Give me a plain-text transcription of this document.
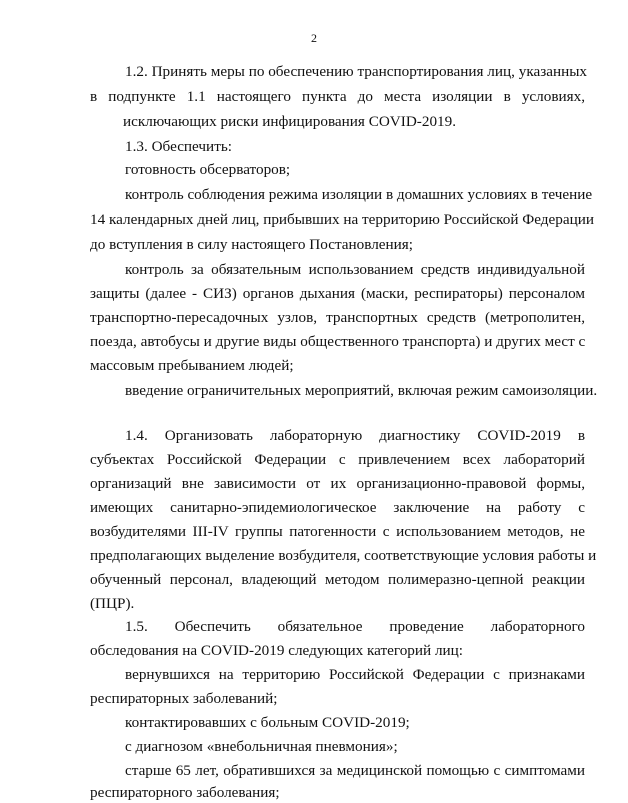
2
1.2. Принять меры по обеспечению транспортирования лиц, указанных
в подпункте 1.1 настоящего пункта до места изоляции в условиях,
исключающих риски инфицирования COVID-2019.
1.3. Обеспечить:
готовность обсерваторов;
контроль соблюдения режима изоляции в домашних условиях в течение
14 календарных дней лиц, прибывших на территорию Российской Федерации
до вступления в силу настоящего Постановления;
контроль за обязательным использованием средств индивидуальной
защиты (далее - СИЗ) органов дыхания (маски, респираторы) персоналом
транспортно-пересадочных узлов, транспортных средств (метрополитен,
поезда, автобусы и другие виды общественного транспорта) и других мест с
массовым пребыванием людей;
введение ограничительных мероприятий, включая режим самоизоляции.
1.4. Организовать лабораторную диагностику COVID-2019 в
субъектах Российской Федерации с привлечением всех лабораторий
организаций вне зависимости от их организационно-правовой формы,
имеющих санитарно-эпидемиологическое заключение на работу с
возбудителями III-IV группы патогенности с использованием методов, не
предполагающих выделение возбудителя, соответствующие условия работы и
обученный персонал, владеющий методом полимеразно-цепной реакции
(ПЦР).
1.5. Обеспечить обязательное проведение лабораторного
обследования на COVID-2019 следующих категорий лиц:
вернувшихся на территорию Российской Федерации с признаками
респираторных заболеваний;
контактировавших с больным COVID-2019;
с диагнозом «внебольничная пневмония»;
старше 65 лет, обратившихся за медицинской помощью с симптомами
респираторного заболевания;
